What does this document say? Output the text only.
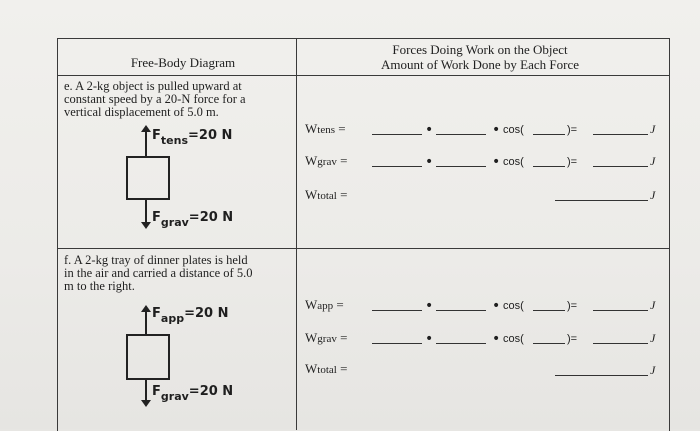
Free-Body Diagram
Forces Doing Work on the Object
Amount of Work Done by Each Force
e. A 2-kg object is pulled upward at
constant speed by a 20-N force for a
vertical displacement of 5.0 m.
$F_{tens}=20$ N
$F_{grav}=20$ N
Wtens =	•	• cos(	)=	J
Wgrav =	•	• cos(	)=	J
Wtotal =	J
f. A 2-kg tray of dinner plates is held
in the air and carried a distance of 5.0
m to the right.
$F_{app}=20$ N
$F_{grav}=20$ N
Wapp =	•	• cos(	)=	J
Wgrav =	•	• cos(	)=	J
Wtotal =	J
